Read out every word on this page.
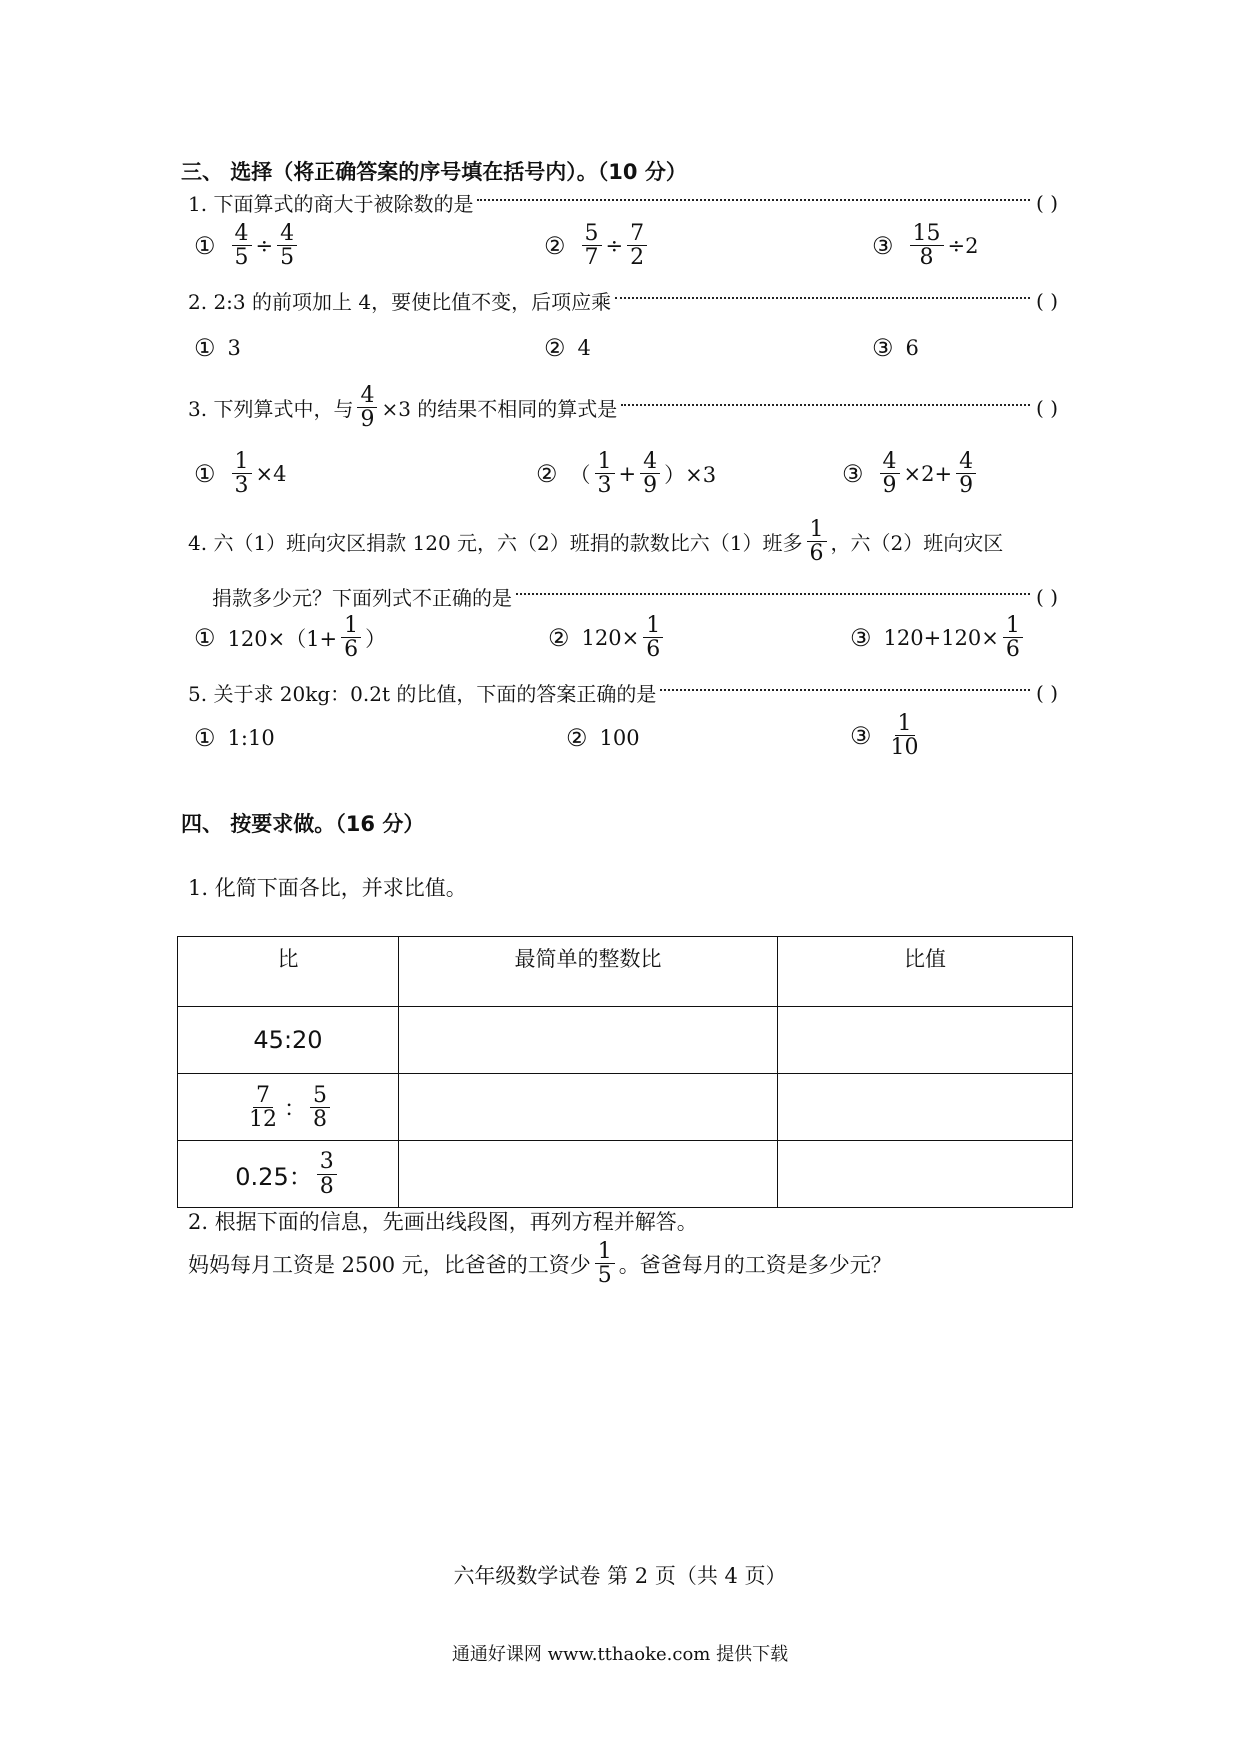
三、 选择（将正确答案的序号填在括号内）。（10 分）
1. 下面算式的商大于被除数的是	( )
① $\frac{4}{5} \div \frac{4}{5}$	② $\frac{5}{7} \div \frac{7}{2}$	③ $\frac{15}{8} \div 2$
2. 2:3 的前项加上 4，要使比值不变，后项应乘	( )
① 3	② 4	③ 6
3. 下列算式中，与 $\frac{4}{9} \times 3$ 的结果不相同的算式是	( )
① $\frac{1}{3} \times 4$	② （ $\frac{1}{3} + \frac{4}{9} )\times 3$	③ $\frac{4}{9} \times 2+ \frac{4}{9}$
4. 六（1）班向灾区捐款 120 元，六（2）班捐的款数比六（1）班多 $\frac{1}{6}$ ，六（2）班向灾区
捐款多少元？下面列式不正确的是	( )
① $120\times(1+ \frac{1}{6}$ ）	② $120\times \frac{1}{6}$	③ $120+120\times \frac{1}{6}$
5. 关于求 20kg：0.2t 的比值，下面的答案正确的是	( )
① 1:10	② 100	③ $\frac{1}{10}$
四、 按要求做。（16 分）
1. 化简下面各比，并求比值。
比	最简单的整数比	比值
45:20		

$\frac{7}{12}$ ： $\frac{5}{8}$

0.25： $\frac{3}{8}$

2. 根据下面的信息，先画出线段图，再列方程并解答。
妈妈每月工资是 2500 元，比爸爸的工资少 $\frac{1}{5}$ 。爸爸每月的工资是多少元？
六年级数学试卷 第 2 页（共 4 页）
通通好课网 www.tthaoke.com 提供下载
